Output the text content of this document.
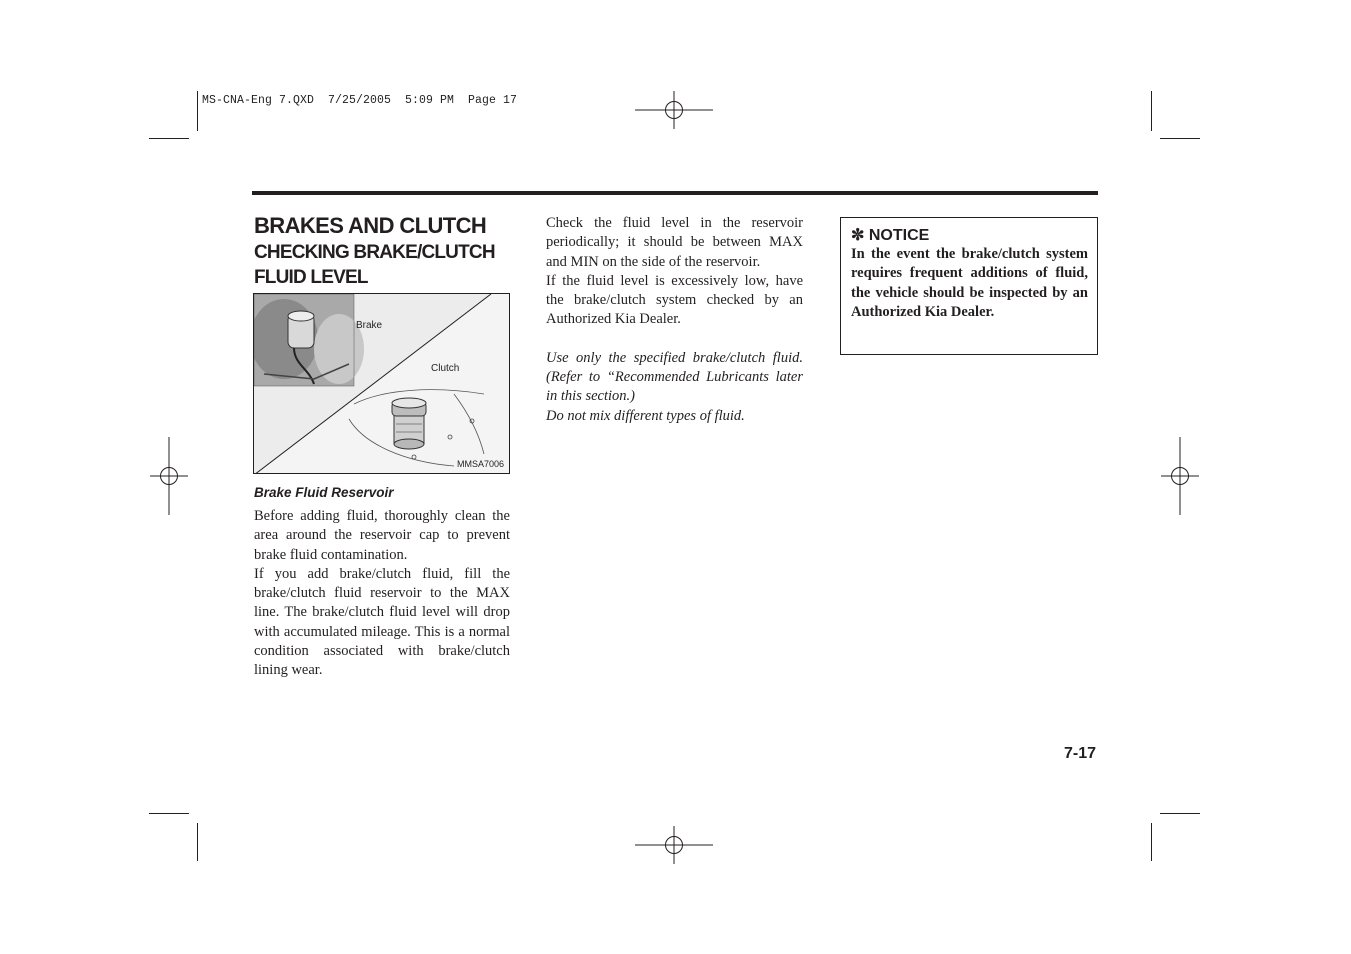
MS-CNA-Eng 7.QXD  7/25/2005  5:09 PM  Page 17
BRAKES AND CLUTCH
CHECKING BRAKE/CLUTCH FLUID LEVEL
Brake
Clutch
MMSA7006
Brake Fluid Reservoir

Before adding fluid, thoroughly clean the area around the reservoir cap to prevent brake fluid contamination.

If you add brake/clutch fluid, fill the brake/clutch fluid reservoir to the MAX line. The brake/clutch fluid level will drop with accumulated mileage. This is a normal condition associated with brake/clutch lining wear.

Check the fluid level in the reservoir periodically; it should be between MAX and MIN on the side of the reservoir.

If the fluid level is excessively low, have the brake/clutch system checked by an Authorized Kia Dealer.

Use only the specified brake/clutch fluid. (Refer to “Recommended Lubricants later in this section.)

Do not mix different types of fluid.

✼ NOTICE
In the event the brake/clutch system requires frequent additions of fluid, the vehicle should be inspected by an Authorized Kia Dealer.
7-17
